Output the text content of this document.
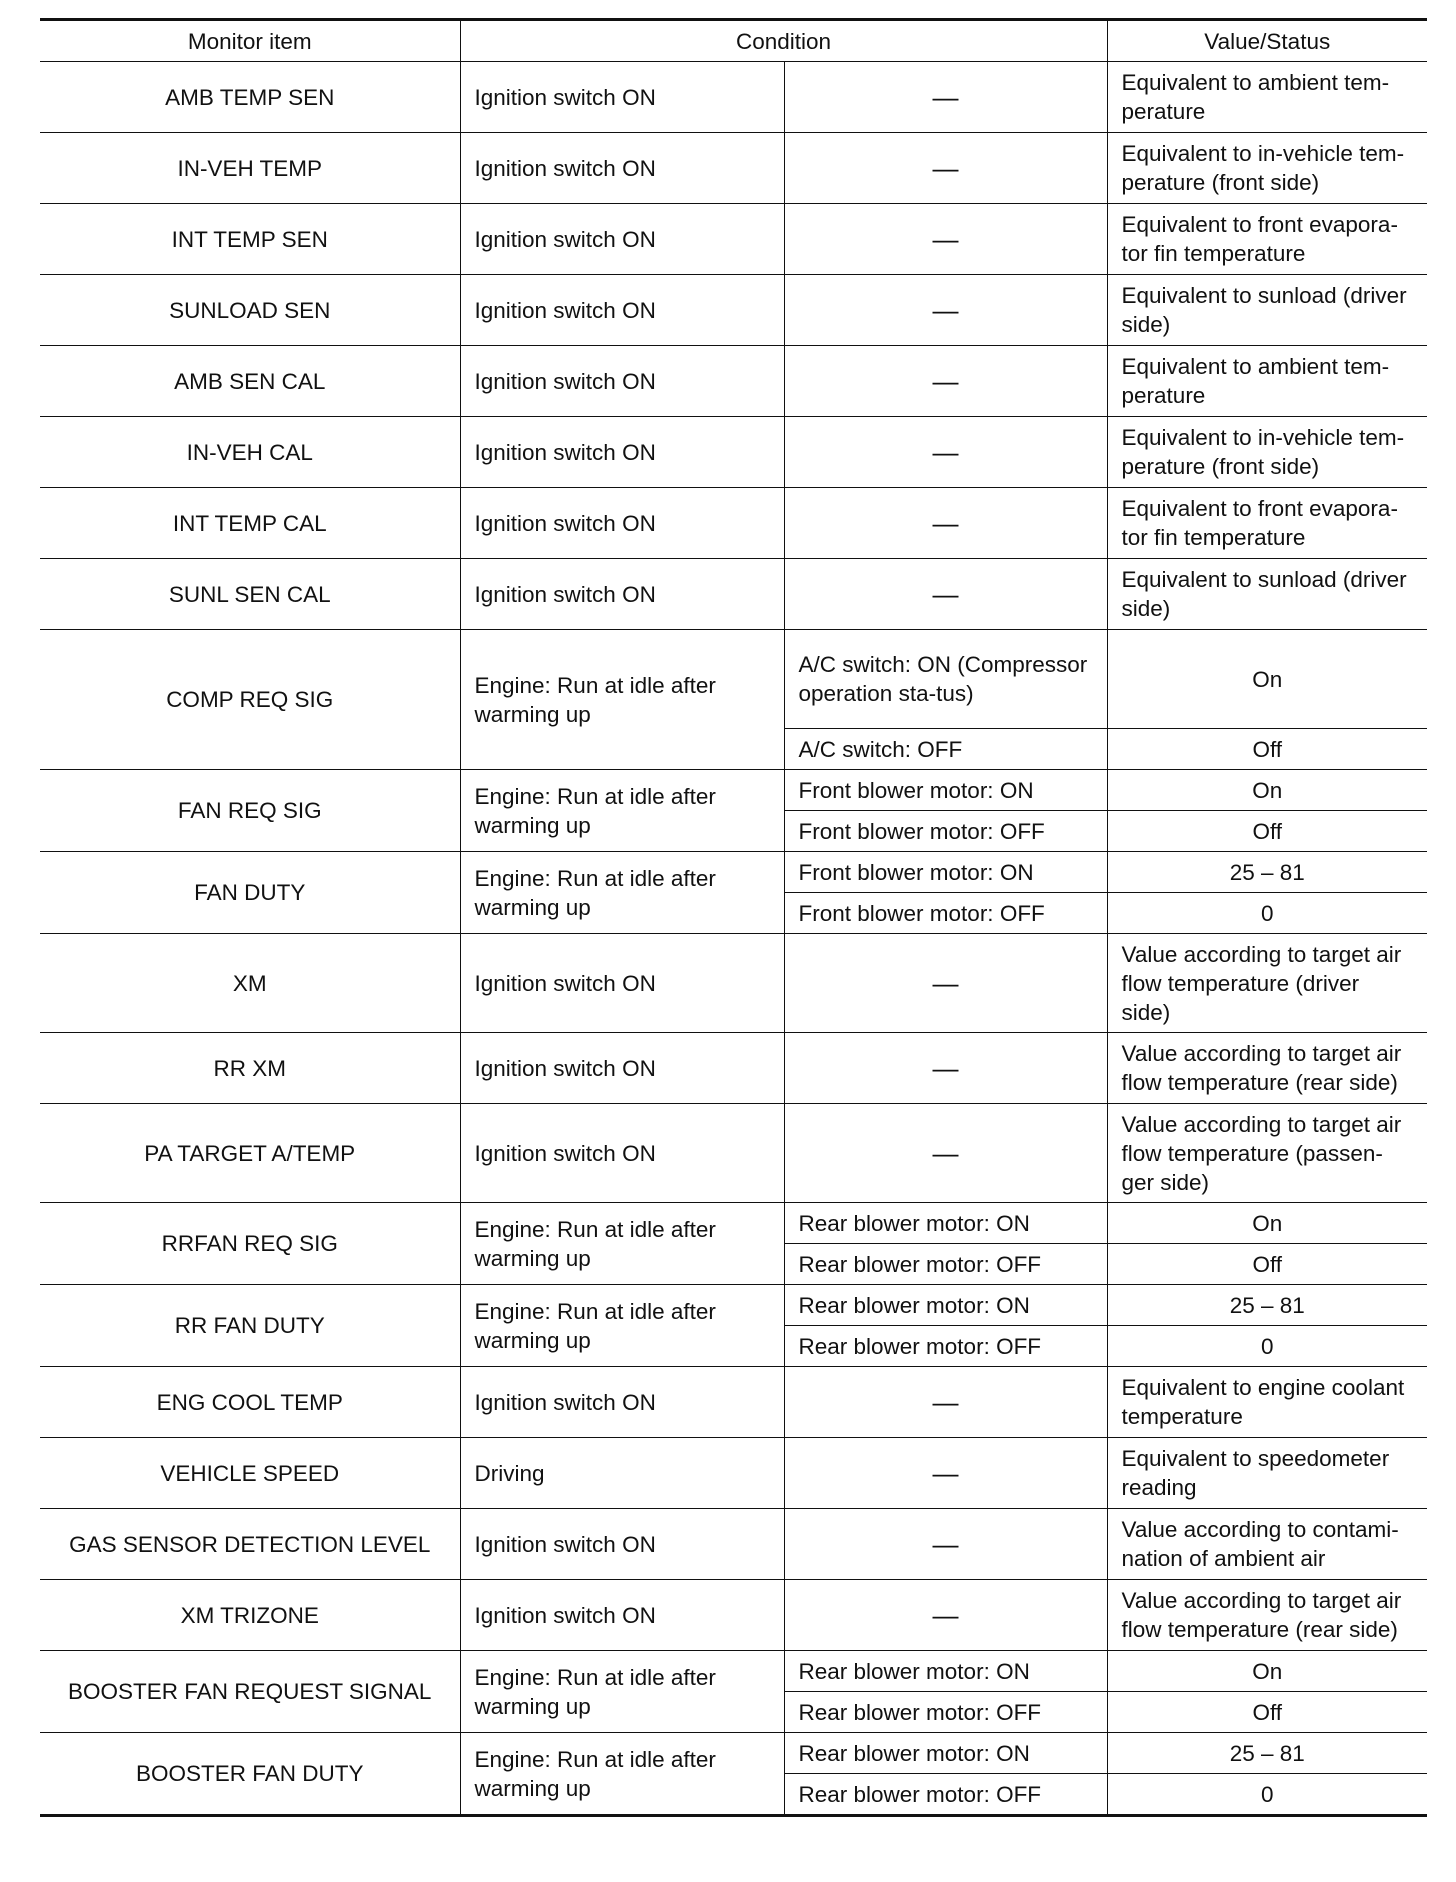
Monitor item	Condition		Value/Status
AMB TEMP SEN	Ignition switch ON	—	Equivalent to ambient tem-perature
IN-VEH TEMP	Ignition switch ON	—	Equivalent to in-vehicle tem-perature (front side)
INT TEMP SEN	Ignition switch ON	—	Equivalent to front evapora-tor fin temperature
SUNLOAD SEN	Ignition switch ON	—	Equivalent to sunload (driver side)
AMB SEN CAL	Ignition switch ON	—	Equivalent to ambient tem-perature
IN-VEH CAL	Ignition switch ON	—	Equivalent to in-vehicle tem-perature (front side)
INT TEMP CAL	Ignition switch ON	—	Equivalent to front evapora-tor fin temperature
SUNL SEN CAL	Ignition switch ON	—	Equivalent to sunload (driver side)
COMP REQ SIG	Engine: Run at idle after warming up	A/C switch: ON (Compressor operation sta-tus)	On
		A/C switch: OFF	Off
FAN REQ SIG	Engine: Run at idle after warming up	Front blower motor: ON	On
		Front blower motor: OFF	Off
FAN DUTY	Engine: Run at idle after warming up	Front blower motor: ON	25 – 81
		Front blower motor: OFF	0
XM	Ignition switch ON	—	Value according to target air flow temperature (driver side)
RR XM	Ignition switch ON	—	Value according to target air flow temperature (rear side)
PA TARGET A/TEMP	Ignition switch ON	—	Value according to target air flow temperature (passen-ger side)
RRFAN REQ SIG	Engine: Run at idle after warming up	Rear blower motor: ON	On
		Rear blower motor: OFF	Off
RR FAN DUTY	Engine: Run at idle after warming up	Rear blower motor: ON	25 – 81
		Rear blower motor: OFF	0
ENG COOL TEMP	Ignition switch ON	—	Equivalent to engine coolant temperature
VEHICLE SPEED	Driving	—	Equivalent to speedometer reading
GAS SENSOR DETECTION LEVEL	Ignition switch ON	—	Value according to contami-nation of ambient air
XM TRIZONE	Ignition switch ON	—	Value according to target air flow temperature (rear side)
BOOSTER FAN REQUEST SIGNAL	Engine: Run at idle after warming up	Rear blower motor: ON	On
		Rear blower motor: OFF	Off
BOOSTER FAN DUTY	Engine: Run at idle after warming up	Rear blower motor: ON	25 – 81
		Rear blower motor: OFF	0
